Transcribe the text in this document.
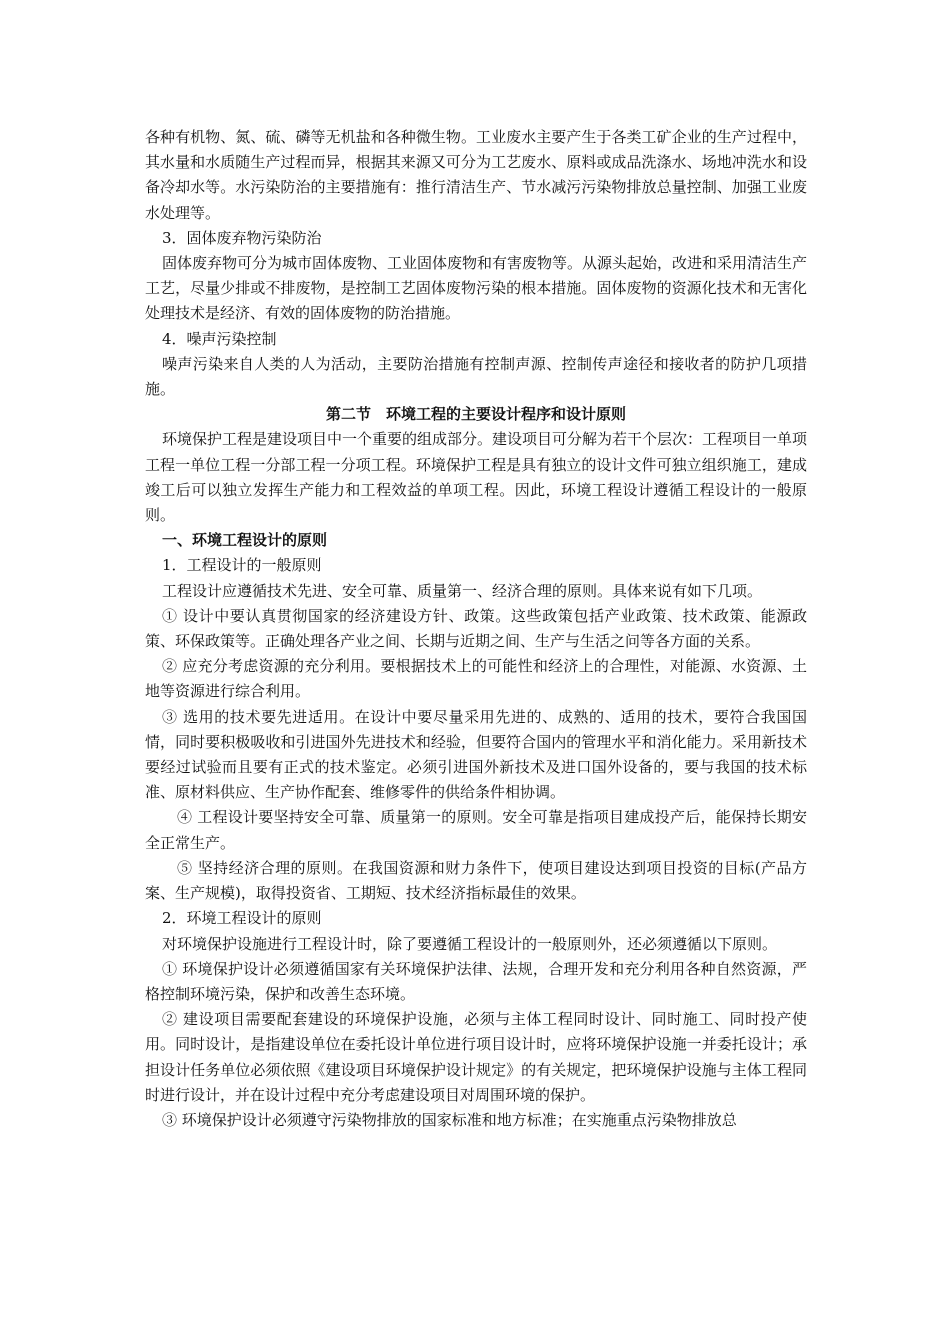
各种有机物、氮、硫、磷等无机盐和各种微生物。工业废水主要产生于各类工矿企业的生产过程中，其水量和水质随生产过程而异，根据其来源又可分为工艺废水、原料或成品洗涤水、场地冲洗水和设备冷却水等。水污染防治的主要措施有：推行清洁生产、节水减污污染物排放总量控制、加强工业废水处理等。

3．固体废弃物污染防治

固体废弃物可分为城市固体废物、工业固体废物和有害废物等。从源头起始，改进和采用清洁生产工艺，尽量少排或不排废物，是控制工艺固体废物污染的根本措施。固体废物的资源化技术和无害化处理技术是经济、有效的固体废物的防治措施。

4．噪声污染控制

噪声污染来自人类的人为活动，主要防治措施有控制声源、控制传声途径和接收者的防护几项措施。

第二节　环境工程的主要设计程序和设计原则

环境保护工程是建设项目中一个重要的组成部分。建设项目可分解为若干个层次：工程项目一单项工程一单位工程一分部工程一分项工程。环境保护工程是具有独立的设计文件可独立组织施工，建成竣工后可以独立发挥生产能力和工程效益的单项工程。因此，环境工程设计遵循工程设计的一般原则。

一、环境工程设计的原则

1．工程设计的一般原则

工程设计应遵循技术先进、安全可靠、质量第一、经济合理的原则。具体来说有如下几项。

① 设计中要认真贯彻国家的经济建设方针、政策。这些政策包括产业政策、技术政策、能源政策、环保政策等。正确处理各产业之间、长期与近期之间、生产与生活之问等各方面的关系。

② 应充分考虑资源的充分利用。要根据技术上的可能性和经济上的合理性，对能源、水资源、土地等资源进行综合利用。

③ 选用的技术要先进适用。在设计中要尽量采用先进的、成熟的、适用的技术，要符合我国国情，同时要积极吸收和引进国外先进技术和经验，但要符合国内的管理水平和消化能力。采用新技术要经过试验而且要有正式的技术鉴定。必须引进国外新技术及进口国外设备的，要与我国的技术标准、原材料供应、生产协作配套、维修零件的供给条件相协调。

④ 工程设计要坚持安全可靠、质量第一的原则。安全可靠是指项目建成投产后，能保持长期安全正常生产。

⑤ 坚持经济合理的原则。在我国资源和财力条件下，使项目建设达到项目投资的目标(产品方案、生产规模)，取得投资省、工期短、技术经济指标最佳的效果。

2．环境工程设计的原则

对环境保护设施进行工程设计时，除了要遵循工程设计的一般原则外，还必须遵循以下原则。

① 环境保护设计必须遵循国家有关环境保护法律、法规，合理开发和充分利用各种自然资源，严格控制环境污染，保护和改善生态环境。

② 建设项目需要配套建设的环境保护设施，必须与主体工程同时设计、同时施工、同时投产使用。同时设计，是指建设单位在委托设计单位进行项目设计时，应将环境保护设施一并委托设计；承担设计任务单位必须依照《建设项目环境保护设计规定》的有关规定，把环境保护设施与主体工程同时进行设计，并在设计过程中充分考虑建设项目对周围环境的保护。

③ 环境保护设计必须遵守污染物排放的国家标准和地方标准；在实施重点污染物排放总
